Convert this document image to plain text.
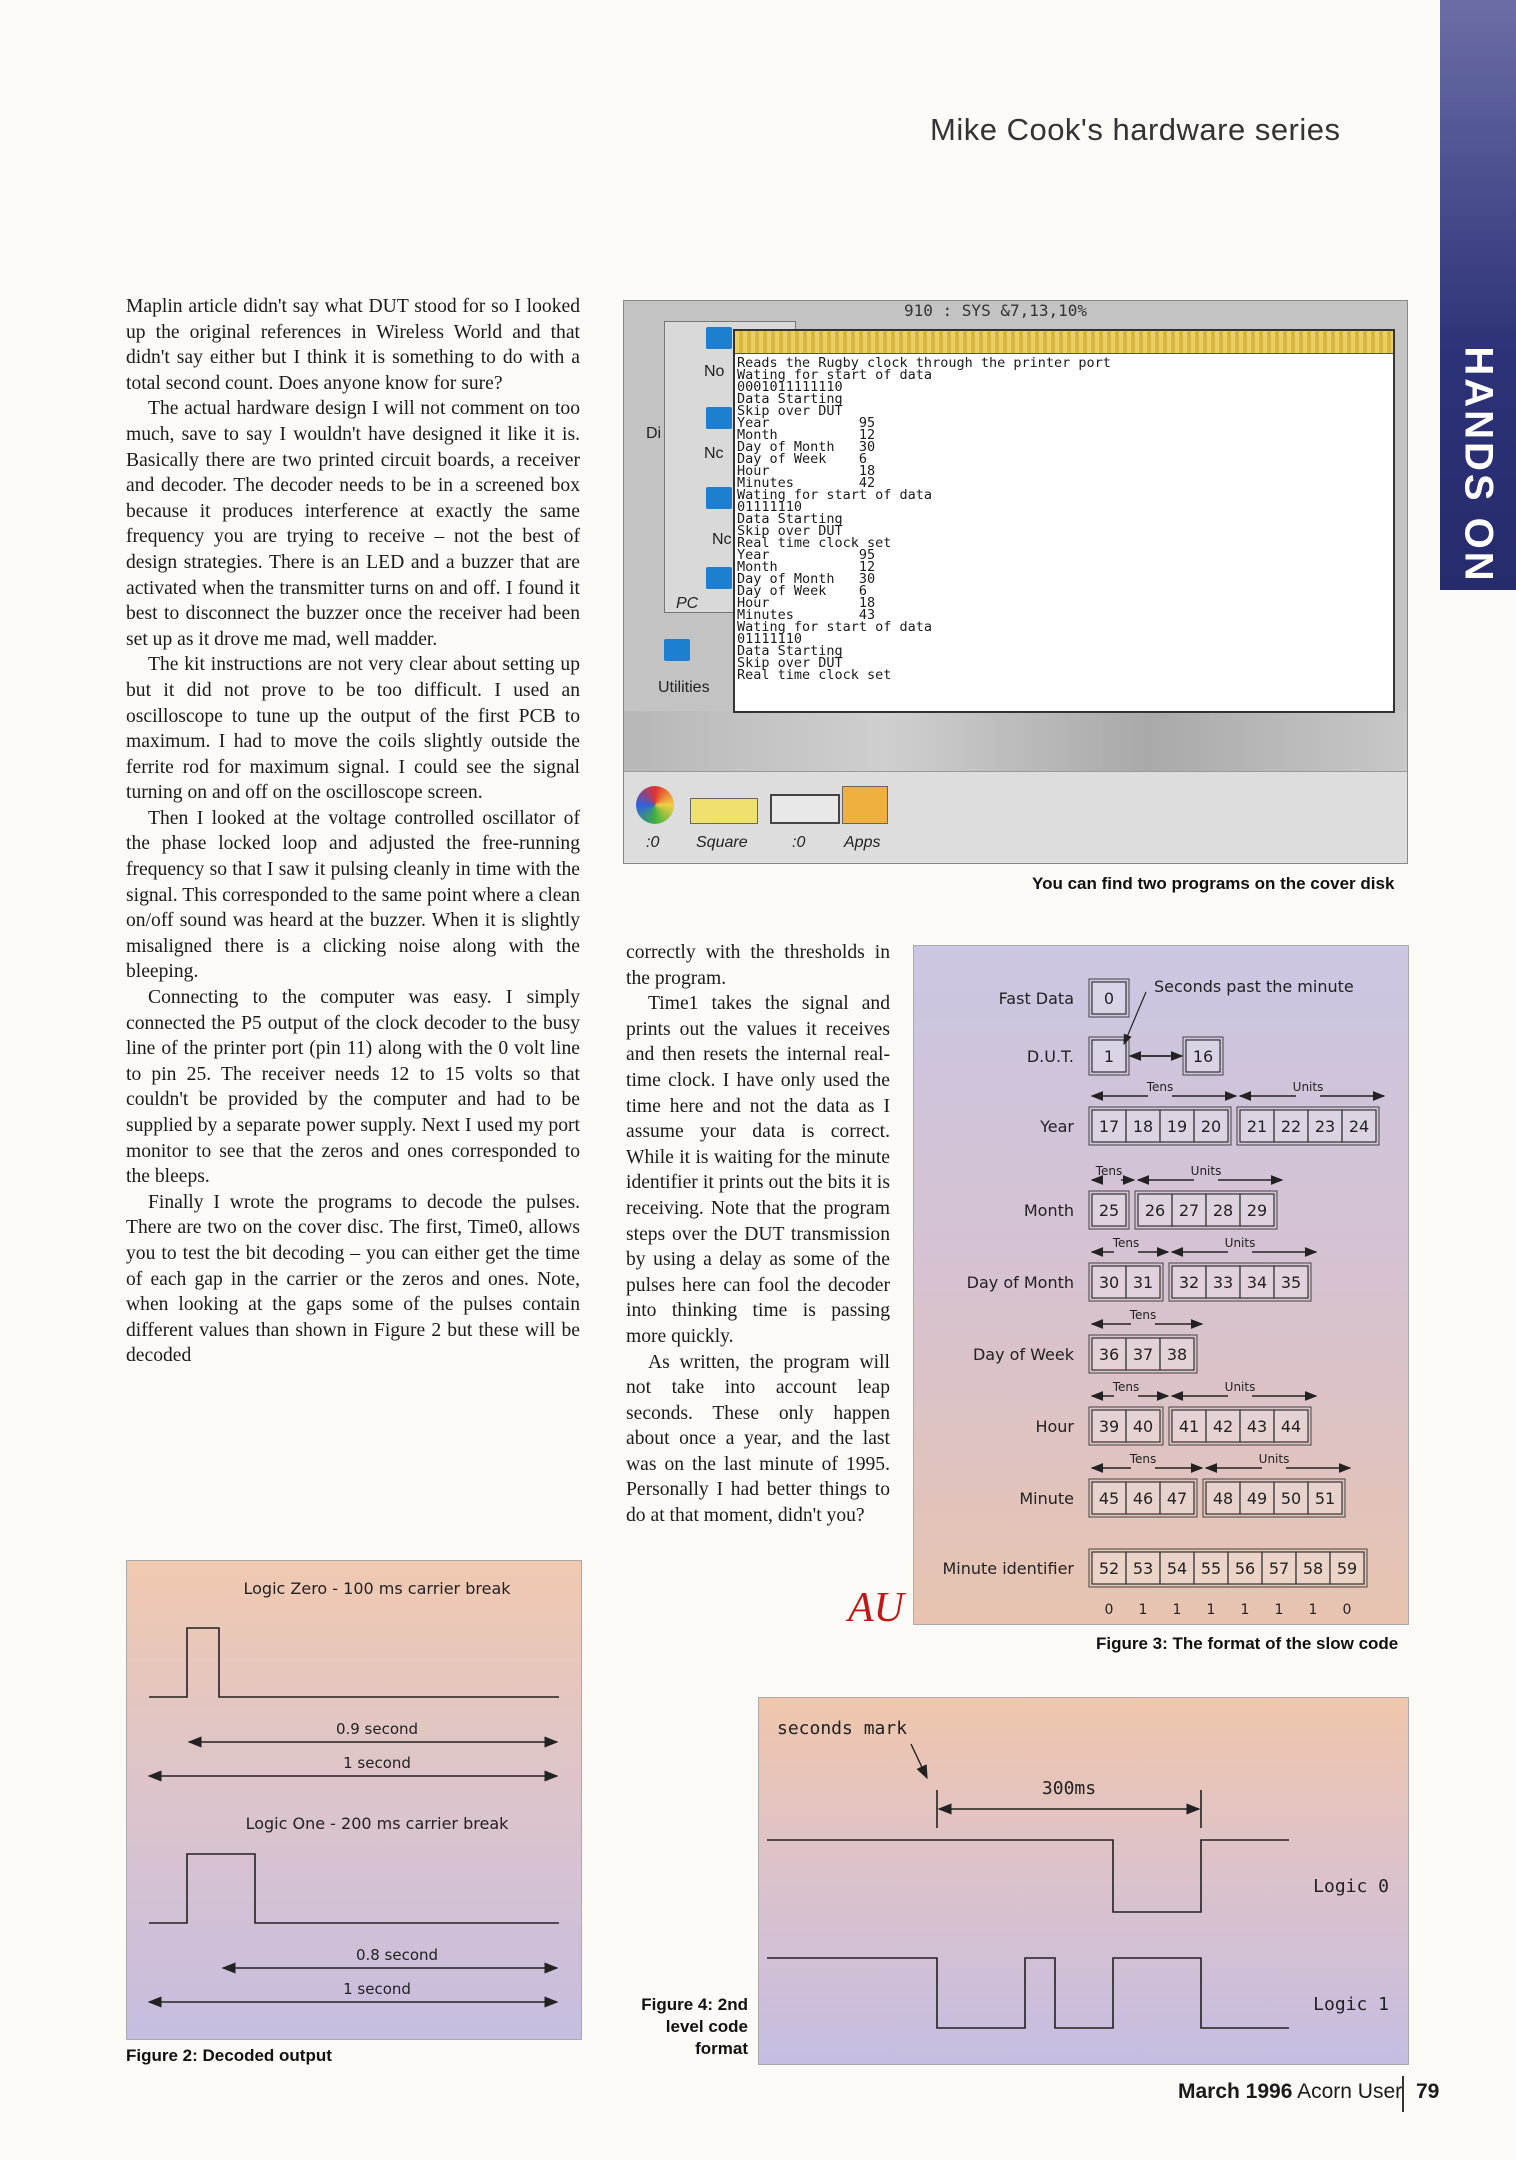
Mike Cook's hardware series
HANDS ON

Maplin article didn't say what DUT stood for so I looked up the original references in Wireless World and that didn't say either but I think it is something to do with a total second count. Does anyone know for sure?

The actual hardware design I will not comment on too much, save to say I wouldn't have designed it like it is. Basically there are two printed circuit boards, a receiver and decoder. The decoder needs to be in a screened box because it produces interference at exactly the same frequency you are trying to receive – not the best of design strategies. There is an LED and a buzzer that are activated when the transmitter turns on and off. I found it best to disconnect the buzzer once the receiver had been set up as it drove me mad, well madder.

The kit instructions are not very clear about setting up but it did not prove to be too difficult. I used an oscilloscope to tune up the output of the first PCB to maximum. I had to move the coils slightly outside the ferrite rod for maximum signal. I could see the signal turning on and off on the oscilloscope screen.

Then I looked at the voltage controlled oscillator of the phase locked loop and adjusted the free-running frequency so that I saw it pulsing cleanly in time with the signal. This corresponded to the same point where a clean on/off sound was heard at the buzzer. When it is slightly misaligned there is a clicking noise along with the bleeping.

Connecting to the computer was easy. I simply connected the P5 output of the clock decoder to the busy line of the printer port (pin 11) along with the 0 volt line to pin 25. The receiver needs 12 to 15 volts so that couldn't be provided by the computer and had to be supplied by a separate power supply. Next I used my port monitor to see that the zeros and ones corresponded to the bleeps.

Finally I wrote the programs to decode the pulses. There are two on the cover disc. The first, Time0, allows you to test the bit decoding – you can either get the time of each gap in the carrier or the zeros and ones. Note, when looking at the gaps some of the pulses contain different values than shown in Figure 2 but these will be decoded

910 : SYS &7,13,10%
No
Di
Nc
Nc
PC
Utilities
Reads the Rugby clock through the printer port
Wating for start of data
0001011111110
Data Starting
Skip over DUT
Year           95
Month          12
Day of Month   30
Day of Week    6
Hour           18
Minutes        42
Wating for start of data
01111110
Data Starting
Skip over DUT
Real time clock set
Year           95
Month          12
Day of Month   30
Day of Week    6
Hour           18
Minutes        43
Wating for start of data
01111110
Data Starting
Skip over DUT
Real time clock set
:0 Square	:0 Apps
You can find two programs on the cover disk

correctly with the thresholds in the program.

Time1 takes the signal and prints out the values it receives and then resets the internal real-time clock. I have only used the time here and not the data as I assume your data is correct. While it is waiting for the minute identifier it prints out the bits it is receiving. Note that the program steps over the DUT transmission by using a delay as some of the pulses here can fool the decoder into thinking time is passing more quickly.

As written, the program will not take into account leap seconds. These only happen about once a year, and the last was on the last minute of 1995. Personally I had better things to do at that moment, didn't you?

AU
Fast Data 0
D.U.T. 1	16
Year 17 18 19 20 21 22 23 24
Tens	Units
Month 25 26 27 28 29
Tens	Units
Day of Month 30 31 32 33 34 35
Tens	Units
Day of Week 36 37 38
Tens
Hour 39 40 41 42 43 44
Tens	Units
Minute 45 46 47 48 49 50 51
Tens	Units
Minute identifier 52 53 54 55 56 57 58 59
Seconds past the minute
0 1 1 1 1 1 1 0
Figure 3: The format of the slow code
Logic Zero - 100 ms carrier break
0.9 second
1 second
Logic One - 200 ms carrier break
0.8 second
1 second
Figure 2: Decoded output
seconds mark
300ms
Logic 0
Logic 1
Figure 4: 2nd
level code
format
March 1996 Acorn User 79
